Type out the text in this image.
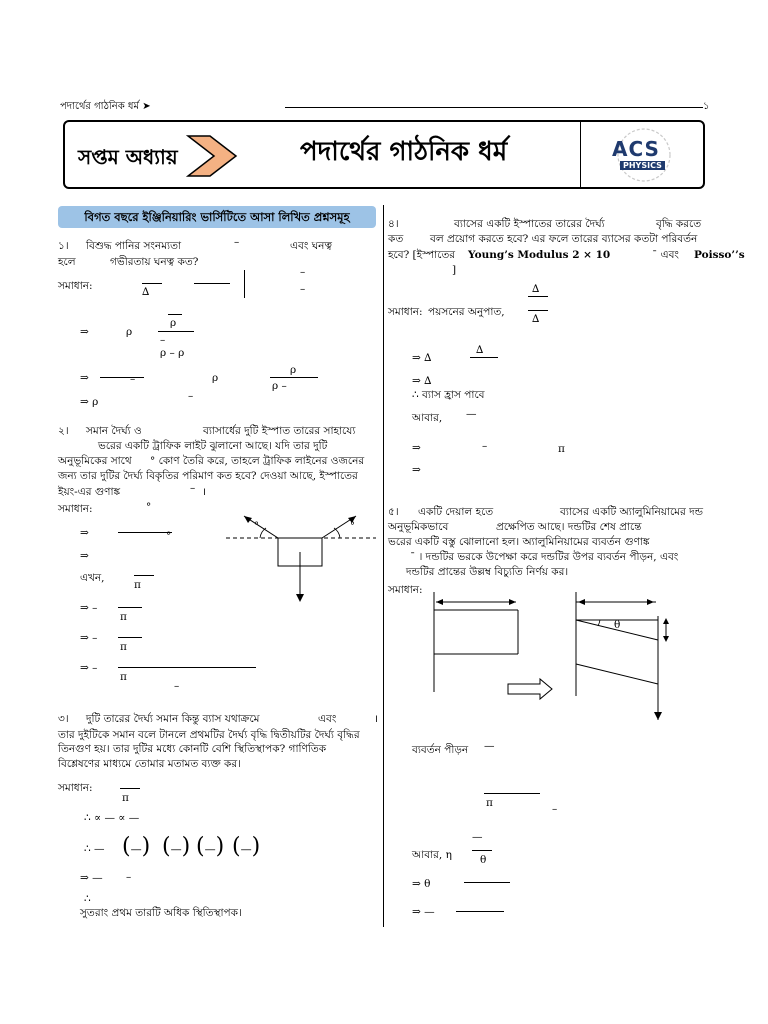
পদার্থের গাঠনিক ধর্ম ➤	১
সপ্তম অধ্যায়	পদার্থের গাঠনিক ধর্ম	ACS
PHYSICS
বিগত বছরে ইঞ্জিনিয়ারিং ভার্সিটিতে আসা লিখিত প্রশ্নসমূহ
১। বিশুদ্ধ পানির সংনম্যতা	–	এবং ঘনত্ব
হলে	গভীরতায় ঘনত্ব কত?
–
সমাধান:	∆	–
ρ
⇒	ρ
–
ρ – ρ
ρ
⇒	–	ρ
ρ –
–
⇒ ρ
২। সমান দৈর্ঘ্য ও	ব্যাসার্ধের দুটি ইস্পাত তারের সাহায্যে
ভরের একটি ট্রাফিক লাইট ঝুলানো আছে। যদি তার দুটি
অনুভূমিকের সাথে ° কোণ তৈরি করে, তাহলে ট্রাফিক লাইনের ওজনের
জন্য তার দুটির দৈর্ঘ্য বিকৃতির পরিমাণ কত হবে? দেওয়া আছে, ইস্পাতের
ইয়ং-এর গুণাঙ্ক	– ।
সমাধান:	°
⇒	°
⇒
এখন,
π
⇒ –
π
⇒ –
π
⇒ –
π
–
°	°
৩। দুটি তারের দৈর্ঘ্য সমান কিন্তু ব্যাস যথাক্রমে	এবং	।
তার দুইটিকে সমান বলে টানলে প্রথমটির দৈর্ঘ্য বৃদ্ধি দ্বিতীয়টির দৈর্ঘ্য বৃদ্ধির
তিনগুণ হয়। তার দুটির মধ্যে কোনটি বেশি স্থিতিস্থাপক? গাণিতিক
বিশ্লেষণের মাধ্যমে তোমার মতামত ব্যক্ত কর।
সমাধান:
π
∴ ∝ — ∝ —
∴ — (—) (—) (—) (—)
⇒ — –
∴
সুতরাং প্রথম তারটি অধিক স্থিতিস্থাপক।
৪।	ব্যাসের একটি ইস্পাতের তারের দৈর্ঘ্য	বৃদ্ধি করতে
কত	বল প্রয়োগ করতে হবে? এর ফলে তারের ব্যাসের কতটা পরিবর্তন
হবে? [ইস্পাতের Young’s Modulus 2 × 10	¯ এবং Poisso’’s
]
∆
সমাধান: পয়সনের অনুপাত,
∆
∆
⇒ ∆
⇒ ∆
∴ ব্যাস হ্রাস পাবে
আবার, —
⇒	–	π
⇒
৫। একটি দেয়াল হতে	ব্যাসের একটি অ্যালুমিনিয়ামের দন্ড
অনুভূমিকভাবে	প্রক্ষেপিত আছে। দন্ডটির শেষ প্রান্তে
ভরের একটি বস্তু ঝোলানো হল। অ্যালুমিনিয়ামের ব্যবর্তন গুণাঙ্ক
¯ । দন্ডটির ভরকে উপেক্ষা করে দন্ডটির উপর ব্যবর্তন পীড়ন, এবং
দন্ডটির প্রান্তের উল্লম্ব বিচ্যুতি নির্ণয় কর।
সমাধান:
θ
ব্যবর্তন পীড়ন —
π	–
—
আবার, η	θ
⇒ θ
⇒ —
